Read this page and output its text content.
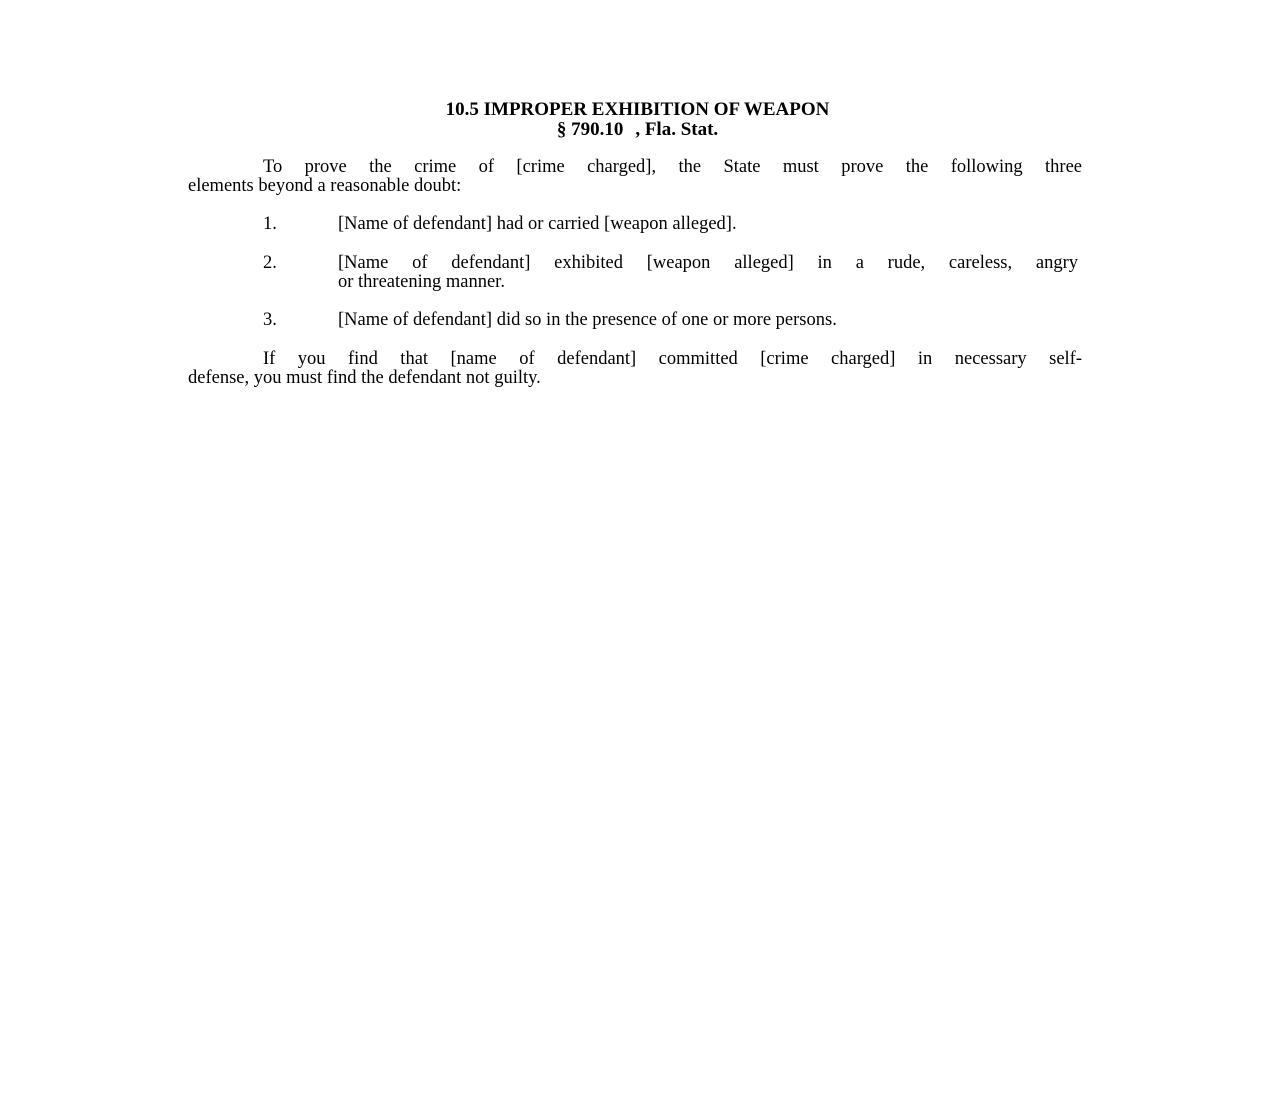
10.5 IMPROPER EXHIBITION OF WEAPON
§ 790.10 , Fla. Stat.
To prove the crime of [crime charged], the State must prove the following three
elements beyond a reasonable doubt:
1.	[Name of defendant] had or carried [weapon alleged].
2.	[Name of defendant] exhibited [weapon alleged] in a rude, careless, angry
or threatening manner.
3.	[Name of defendant] did so in the presence of one or more persons.
If you find that [name of defendant] committed [crime charged] in necessary self-
defense, you must find the defendant not guilty.
